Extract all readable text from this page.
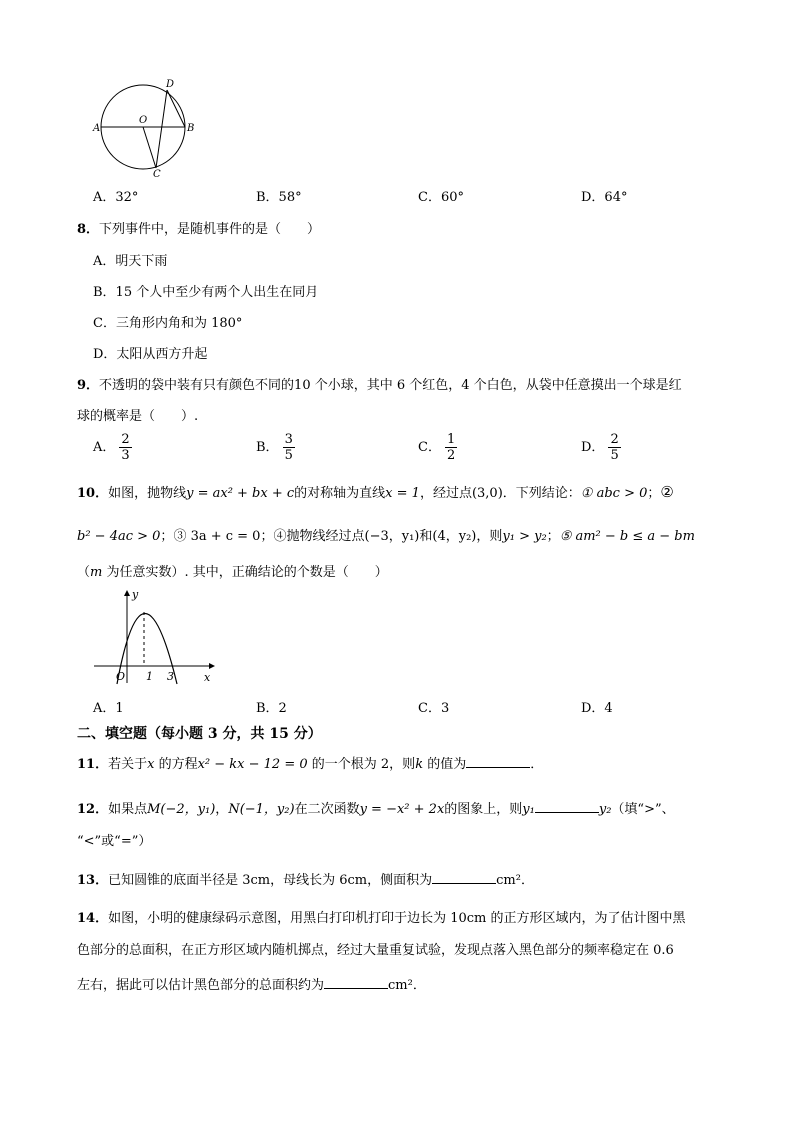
A
O
B
C
D
A．32°	B．58°	C．60°	D．64°
8．下列事件中，是随机事件的是（　　）
A．明天下雨
B．15 个人中至少有两个人出生在同月
C．三角形内角和为 180°
D．太阳从西方升起
9．不透明的袋中装有只有颜色不同的10 个小球，其中 6 个红色，4 个白色，从袋中任意摸出一个球是红
球的概率是（　　）.
A． $\frac{2}{3}$	B． $\frac{3}{5}$	C． $\frac{1}{2}$	D． $\frac{2}{5}$
10．如图，抛物线y = ax² + bx + c的对称轴为直线x = 1，经过点(3,0)．下列结论：① abc > 0；②
b² − 4ac > 0；③ 3a + c = 0；④抛物线经过点(−3，y₁)和(4，y₂)，则y₁ > y₂；⑤ am² − b ≤ a − bm
（m 为任意实数）. 其中，正确结论的个数是（　　）
y
x
O 1 3
A．1	B．2	C．3	D．4
二、填空题（每小题 3 分，共 15 分）
11．若关于x 的方程x² − kx − 12 = 0 的一个根为 2，则k 的值为	．
12．如果点M(−2，y₁)，N(−1，y₂)在二次函数y = −x² + 2x的图象上，则y₁	y₂（填“>”、
“<”或“=”）
13．已知圆锥的底面半径是 3cm，母线长为 6cm，侧面积为	cm²．
14．如图，小明的健康绿码示意图，用黑白打印机打印于边长为 10cm 的正方形区域内，为了估计图中黑
色部分的总面积，在正方形区域内随机掷点，经过大量重复试验，发现点落入黑色部分的频率稳定在 0.6
左右，据此可以估计黑色部分的总面积约为	cm²．
